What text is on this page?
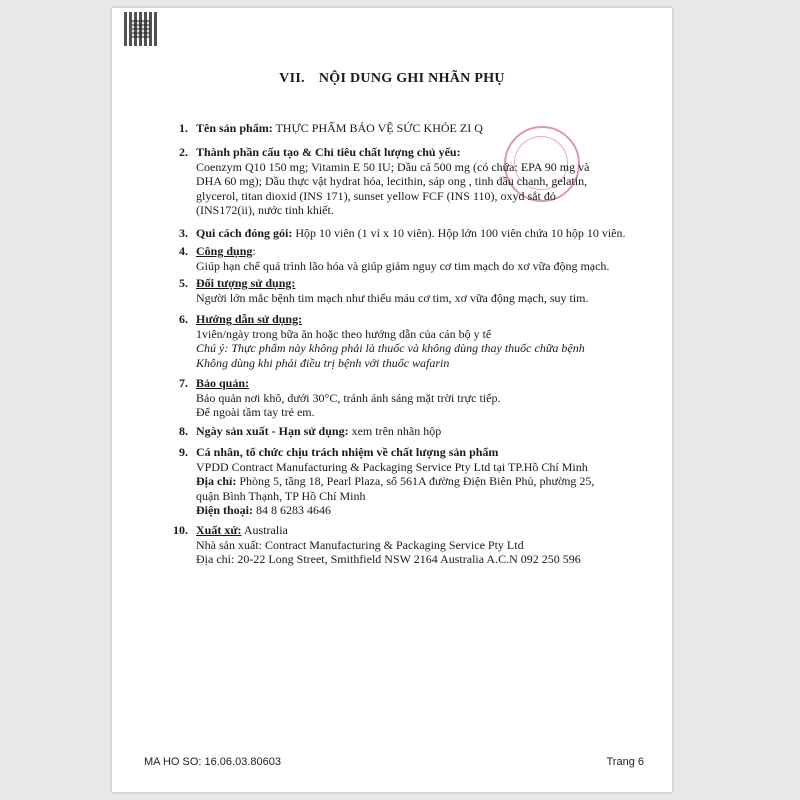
VII. NỘI DUNG GHI NHÃN PHỤ
1. Tên sản phẩm: THỰC PHẨM BẢO VỆ SỨC KHỎE ZI Q
2. Thành phần cấu tạo & Chỉ tiêu chất lượng chủ yếu:
Coenzym Q10 150 mg; Vitamin E 50 IU; Dầu cá 500 mg (có chứa: EPA 90 mg và
DHA 60 mg); Dầu thực vật hydrat hóa, lecithin, sáp ong , tinh dầu chanh, gelatin,
glycerol, titan dioxid (INS 171), sunset yellow FCF (INS 110), oxyd sắt đỏ
(INS172(ii), nước tinh khiết.
3. Qui cách đóng gói: Hộp 10 viên (1 vỉ x 10 viên). Hộp lớn 100 viên chứa 10 hộp 10 viên.
4. Công dụng:
Giúp hạn chế quá trình lão hóa và giúp giảm nguy cơ tim mạch do xơ vữa động mạch.
5. Đối tượng sử dụng:
Người lớn mắc bệnh tim mạch như thiếu máu cơ tim, xơ vữa động mạch, suy tim.
6. Hướng dẫn sử dụng:
1viên/ngày trong bữa ăn hoặc theo hướng dẫn của cán bộ y tế
Chú ý: Thực phẩm này không phải là thuốc và không dùng thay thuốc chữa bệnh
Không dùng khi phải điều trị bệnh với thuốc wafarin
7. Bảo quản:
Bảo quản nơi khô, dưới 30°C, tránh ánh sáng mặt trời trực tiếp.
Để ngoài tầm tay trẻ em.
8. Ngày sản xuất - Hạn sử dụng: xem trên nhãn hộp
9. Cá nhân, tổ chức chịu trách nhiệm về chất lượng sản phẩm
VPDD Contract Manufacturing & Packaging Service Pty Ltd tại TP.Hồ Chí Minh
Địa chỉ: Phòng 5, tầng 18, Pearl Plaza, số 561A đường Điện Biên Phủ, phường 25,
quận Bình Thạnh, TP Hồ Chí Minh
Điện thoại: 84 8 6283 4646
10. Xuất xứ: Australia
Nhà sản xuất: Contract Manufacturing & Packaging Service Pty Ltd
Địa chỉ: 20-22 Long Street, Smithfield NSW 2164 Australia A.C.N 092 250 596
MA HO SO: 16.06.03.80603	Trang 6
